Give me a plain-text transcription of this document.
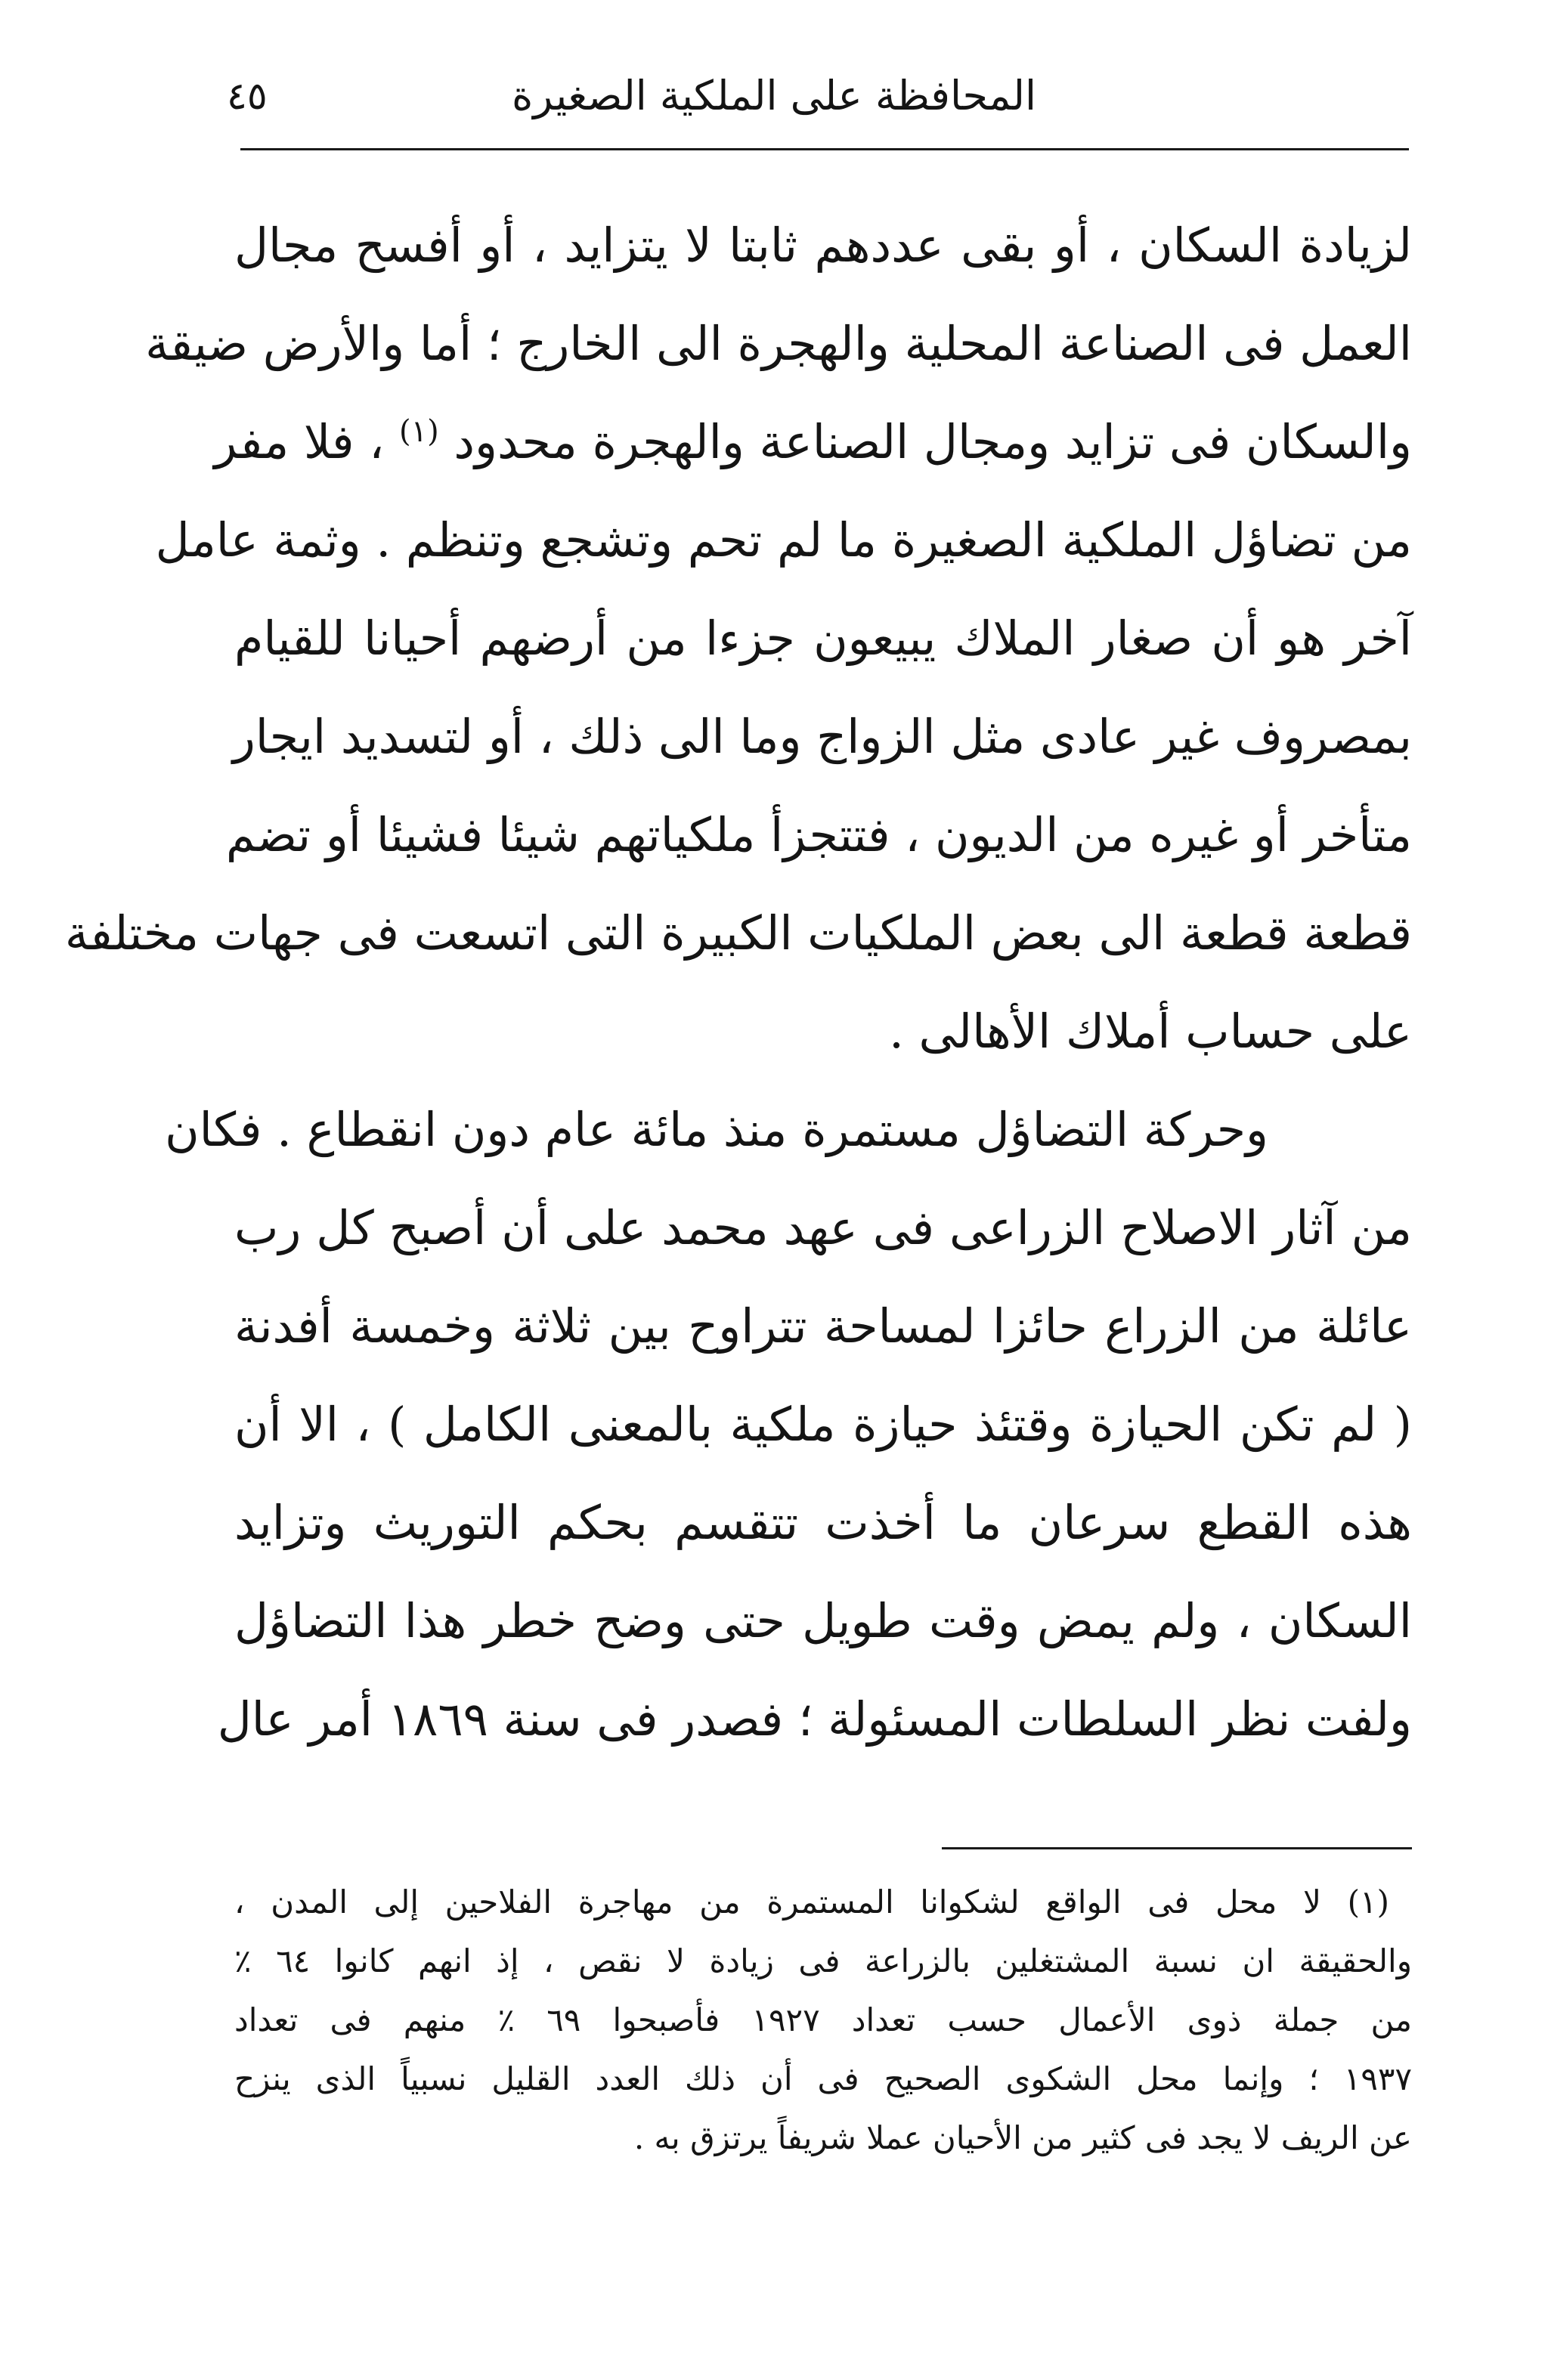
٤٥	المحافظة على الملكية الصغيرة
لزيادة السكان ، أو بقى عددهم ثابتا لا يتزايد ، أو أفسح مجال
العمل فى الصناعة المحلية والهجرة الى الخارج ؛ أما والأرض ضيقة
والسكان فى تزايد ومجال الصناعة والهجرة محدود $^{(١)}$ ، فلا مفر
من تضاؤل الملكية الصغيرة ما لم تحم وتشجع وتنظم . وثمة عامل
آخر هو أن صغار الملاك يبيعون جزءا من أرضهم أحيانا للقيام
بمصروف غير عادى مثل الزواج وما الى ذلك ، أو لتسديد ايجار
متأخر أو غيره من الديون ، فتتجزأ ملكياتهم شيئا فشيئا أو تضم
قطعة قطعة الى بعض الملكيات الكبيرة التى اتسعت فى جهات مختلفة
على حساب أملاك الأهالى .
وحركة التضاؤل مستمرة منذ مائة عام دون انقطاع . فكان
من آثار الاصلاح الزراعى فى عهد محمد على أن أصبح كل رب
عائلة من الزراع حائزا لمساحة تتراوح بين ثلاثة وخمسة أفدنة
( لم تكن الحيازة وقتئذ حيازة ملكية بالمعنى الكامل ) ، الا أن
هذه القطع سرعان ما أخذت تتقسم بحكم التوريث وتزايد
السكان ، ولم يمض وقت طويل حتى وضح خطر هذا التضاؤل
ولفت نظر السلطات المسئولة ؛ فصدر فى سنة ١٨٦٩ أمر عال
(١) لا محل فى الواقع لشكوانا المستمرة من مهاجرة الفلاحين إلى المدن ،
والحقيقة ان نسبة المشتغلين بالزراعة فى زيادة لا نقص ، إذ انهم كانوا ٦٤ ٪
من جملة ذوى الأعمال حسب تعداد ١٩٢٧ فأصبحوا ٦٩ ٪ منهم فى تعداد
١٩٣٧ ؛ وإنما محل الشكوى الصحيح فى أن ذلك العدد القليل نسبياً الذى ينزح
عن الريف لا يجد فى كثير من الأحيان عملا شريفاً يرتزق به .
